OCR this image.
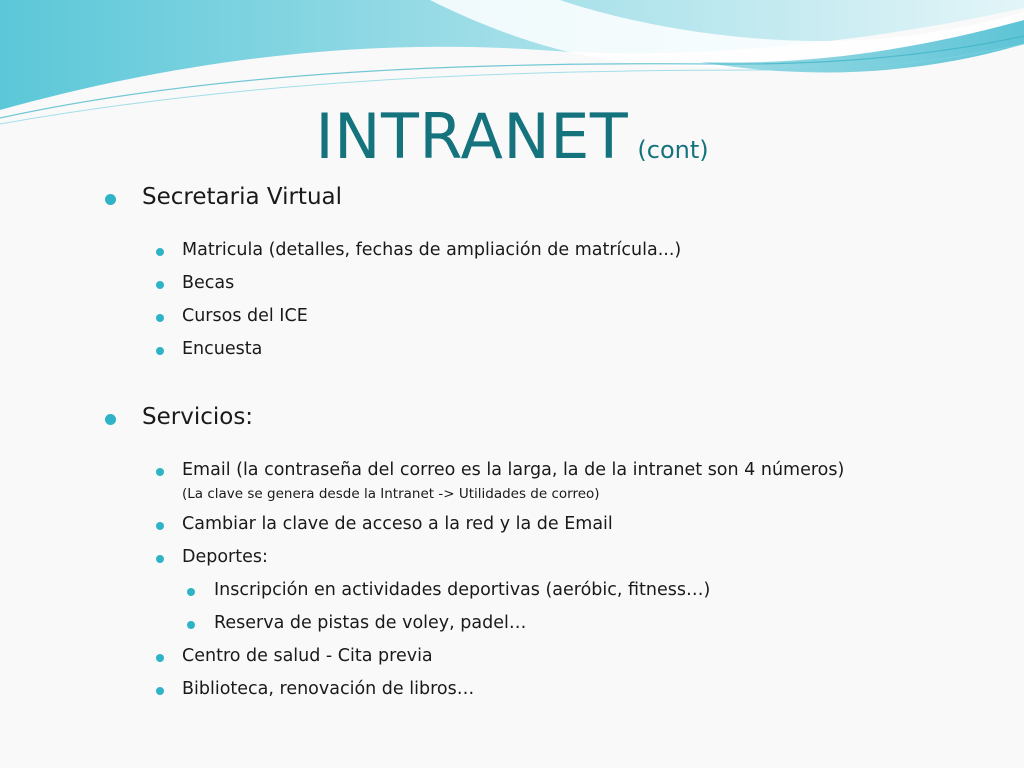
INTRANET (cont)
Secretaria Virtual
Matricula (detalles, fechas de ampliación de matrícula...)
Becas
Cursos del ICE
Encuesta
Servicios:
Email (la contraseña del correo es la larga, la de la intranet son 4 números)
(La clave se genera desde la Intranet -> Utilidades de correo)
Cambiar la clave de acceso a la red y la de Email
Deportes:
Inscripción en actividades deportivas (aeróbic, fitness…)
Reserva de pistas de voley, padel…
Centro de salud - Cita previa
Biblioteca, renovación de libros…
